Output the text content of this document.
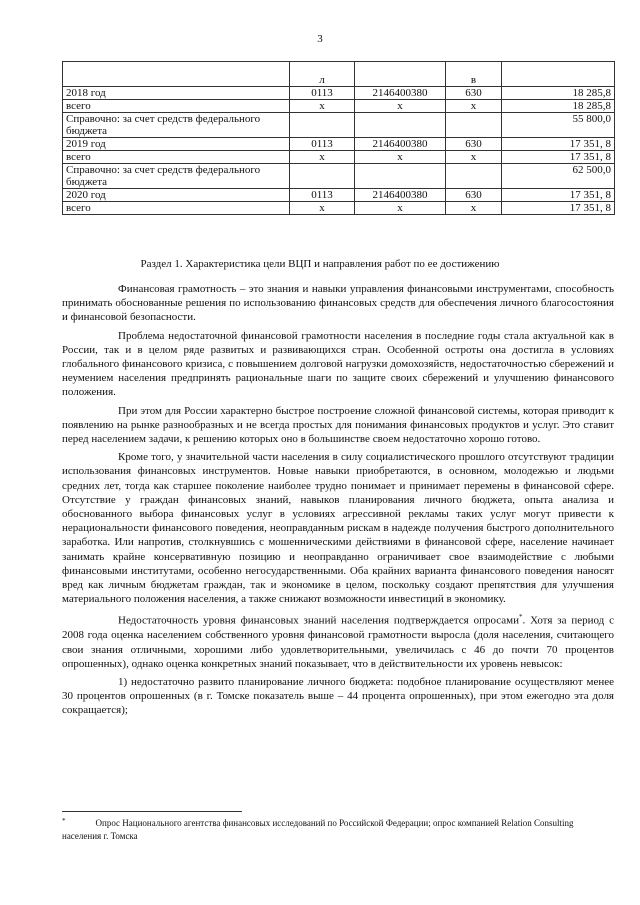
3
	л		в	
2018 год	0113	2146400380	630	18 285,8
всего	х	х	х	18 285,8
Справочно: за счет средств федерального бюджета				55 800,0
2019 год	0113	2146400380	630	17 351, 8
всего	х	х	х	17 351, 8
Справочно: за счет средств федерального бюджета				62 500,0
2020 год	0113	2146400380	630	17 351, 8
всего	х	х	х	17 351, 8
Раздел 1. Характеристика цели ВЦП и направления работ по ее достижению

Финансовая грамотность – это знания и навыки управления финансовыми инструментами, способность принимать обоснованные решения по использованию финансовых средств для обеспечения личного благосостояния и финансовой безопасности.

Проблема недостаточной финансовой грамотности населения в последние годы стала актуальной как в России, так и в целом ряде развитых и развивающихся стран. Особенной остроты она достигла в условиях глобального финансового кризиса, с повышением долговой нагрузки домохозяйств, недостаточностью сбережений и неумением населения предпринять рациональные шаги по защите своих сбережений и улучшению финансового положения.

При этом для России характерно быстрое построение сложной финансовой системы, которая приводит к появлению на рынке разнообразных и не всегда простых для понимания финансовых продуктов и услуг. Это ставит перед населением задачи, к решению которых оно в большинстве своем недостаточно хорошо готово.

Кроме того, у значительной части населения в силу социалистического прошлого отсутствуют традиции использования финансовых инструментов. Новые навыки приобретаются, в основном, молодежью и людьми средних лет, тогда как старшее поколение наиболее трудно понимает и принимает перемены в финансовой сфере. Отсутствие у граждан финансовых знаний, навыков планирования личного бюджета, опыта анализа и обоснованного выбора финансовых услуг в условиях агрессивной рекламы таких услуг могут привести к нерациональности финансового поведения, неоправданным рискам в надежде получения быстрого дополнительного заработка. Или напротив, столкнувшись с мошенническими действиями в финансовой сфере, население начинает занимать крайне консервативную позицию и неоправданно ограничивает свое взаимодействие с любыми финансовыми институтами, особенно негосударственными. Оба крайних варианта финансового поведения наносят вред как личным бюджетам граждан, так и экономике в целом, поскольку создают препятствия для улучшения материального положения населения, а также снижают возможности инвестиций в экономику.

Недостаточность уровня финансовых знаний населения подтверждается опросами*. Хотя за период с 2008 года оценка населением собственного уровня финансовой грамотности выросла (доля населения, считающего свои знания отличными, хорошими либо удовлетворительными, увеличилась с 46 до почти 70 процентов опрошенных), однако оценка конкретных знаний показывает, что в действительности их уровень невысок:

1) недостаточно развито планирование личного бюджета: подобное планирование осуществляют менее 30 процентов опрошенных (в г. Томске показатель выше – 44 процента опрошенных), при этом ежегодно эта доля сокращается);

*	Опрос Национального агентства финансовых исследований по Российской Федерации; опрос компанией Relation Consulting населения г. Томска
